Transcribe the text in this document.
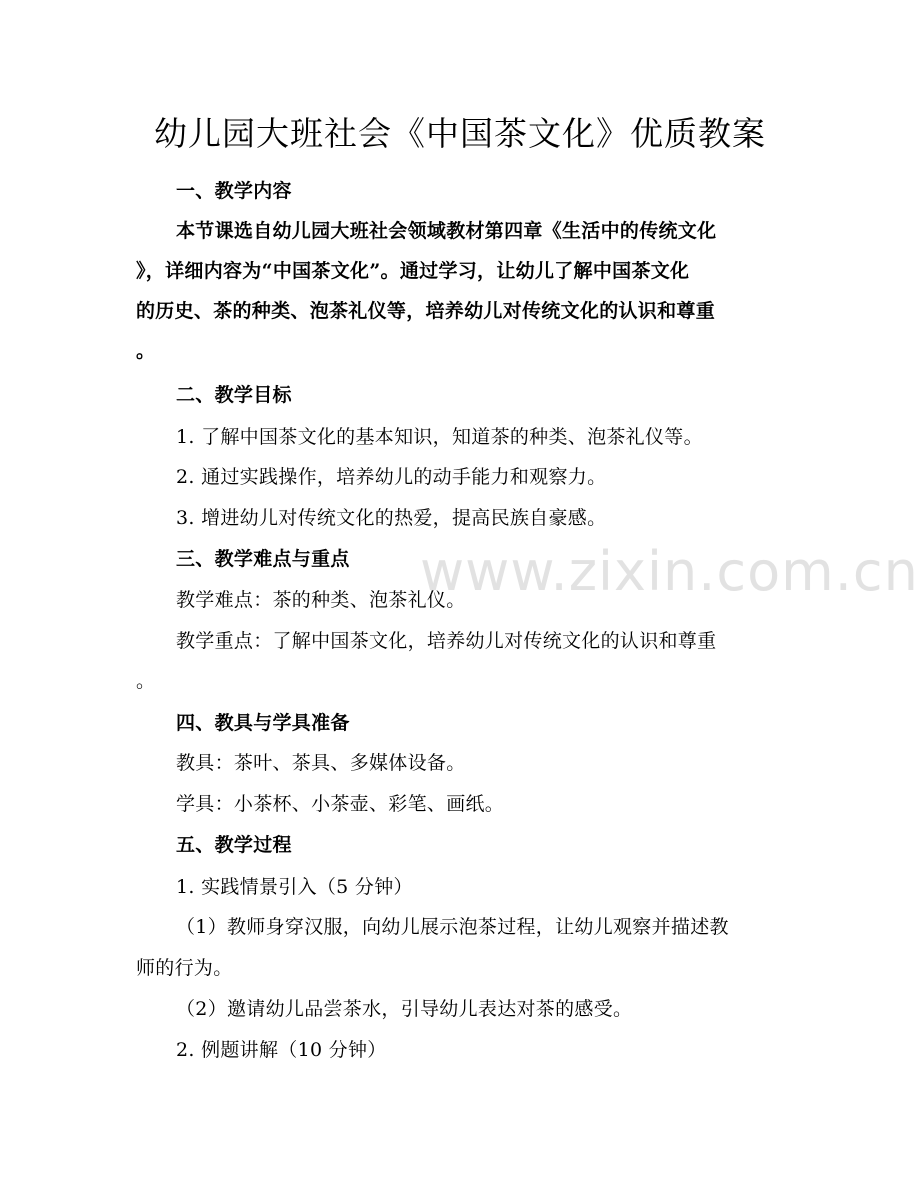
幼儿园大班社会《中国茶文化》优质教案
一、教学内容
本节课选自幼儿园大班社会领域教材第四章《生活中的传统文化
》，详细内容为“中国茶文化”。通过学习，让幼儿了解中国茶文化
的历史、茶的种类、泡茶礼仪等，培养幼儿对传统文化的认识和尊重
。
二、教学目标
1. 了解中国茶文化的基本知识，知道茶的种类、泡茶礼仪等。
2. 通过实践操作，培养幼儿的动手能力和观察力。
3. 增进幼儿对传统文化的热爱，提高民族自豪感。
三、教学难点与重点
教学难点：茶的种类、泡茶礼仪。
教学重点：了解中国茶文化，培养幼儿对传统文化的认识和尊重
。
四、教具与学具准备
教具：茶叶、茶具、多媒体设备。
学具：小茶杯、小茶壶、彩笔、画纸。
五、教学过程
1. 实践情景引入（5 分钟）
（1）教师身穿汉服，向幼儿展示泡茶过程，让幼儿观察并描述教
师的行为。
（2）邀请幼儿品尝茶水，引导幼儿表达对茶的感受。
2. 例题讲解（10 分钟）
www.zixin.com.cn
